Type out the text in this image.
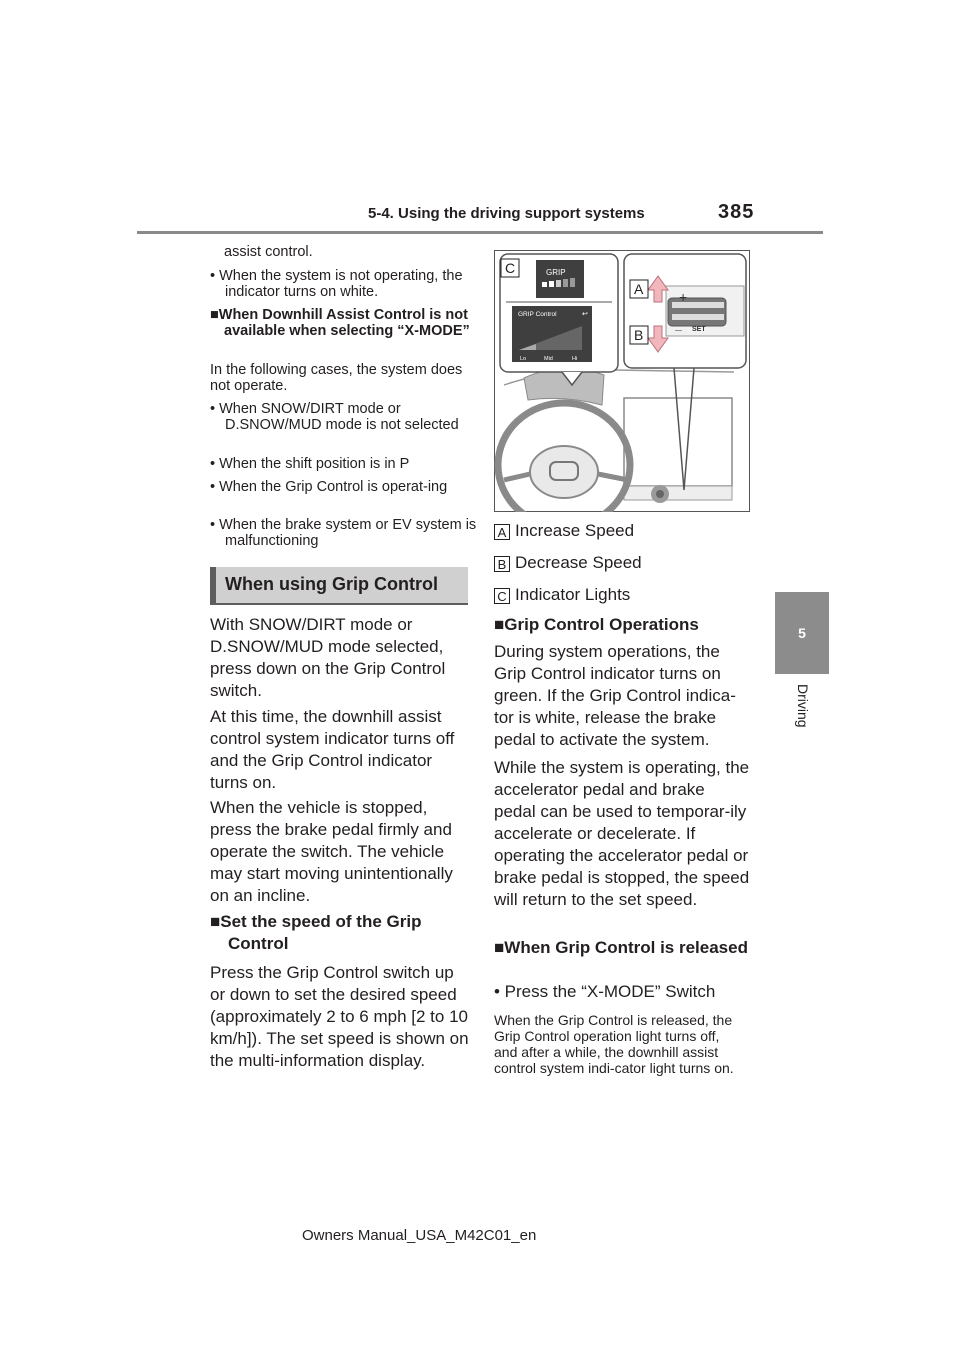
5-4. Using the driving support systems	385
5
Driving
assist control.
• When the system is not operating, the indicator turns on white.
■When Downhill Assist Control is not available when selecting “X-MODE”
In the following cases, the system does not operate.
• When SNOW/DIRT mode or D.SNOW/MUD mode is not selected
• When the shift position is in P
• When the Grip Control is operat-ing
• When the brake system or EV system is malfunctioning
When using Grip Control
With SNOW/DIRT mode or D.SNOW/MUD mode selected, press down on the Grip Control switch.
At this time, the downhill assist control system indicator turns off and the Grip Control indicator turns on.
When the vehicle is stopped, press the brake pedal firmly and operate the switch. The vehicle may start moving unintentionally on an incline.
■Set the speed of the Grip Control
Press the Grip Control switch up or down to set the desired speed (approximately 2 to 6 mph [2 to 10 km/h]). The set speed is shown on the multi-information display.
GRIP
GRIP Control	↩
Lo	Mid	Hi
C
+
— SET
A
B
A Increase Speed
B Decrease Speed
C Indicator Lights
■Grip Control Operations
During system operations, the Grip Control indicator turns on green. If the Grip Control indica-tor is white, release the brake pedal to activate the system.
While the system is operating, the accelerator pedal and brake pedal can be used to temporar-ily accelerate or decelerate. If operating the accelerator pedal or brake pedal is stopped, the speed will return to the set speed.
■When Grip Control is released
• Press the “X-MODE” Switch
When the Grip Control is released, the Grip Control operation light turns off, and after a while, the downhill assist control system indi-cator light turns on.
Owners Manual_USA_M42C01_en
